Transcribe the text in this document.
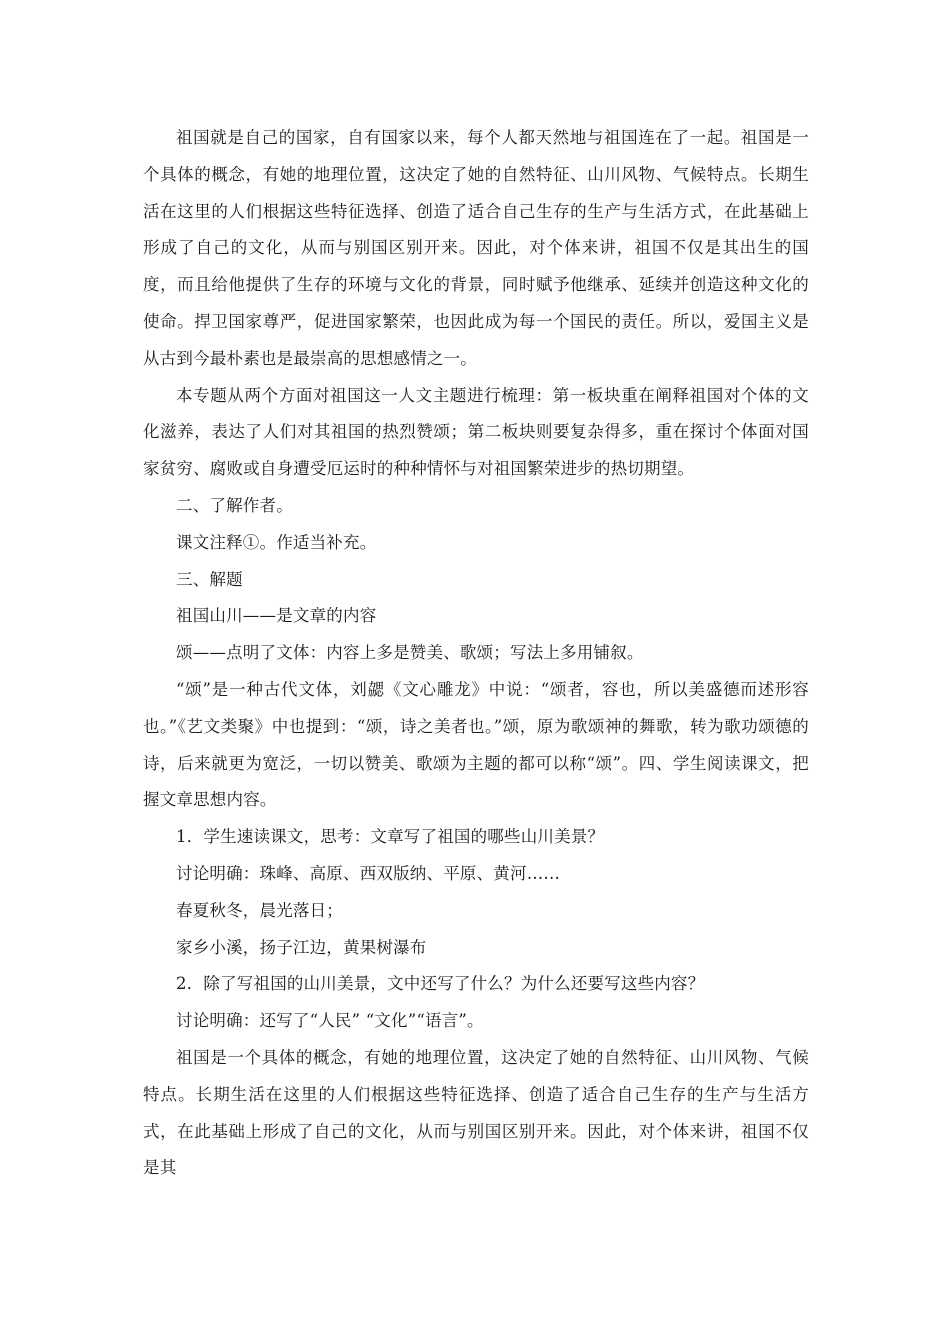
祖国就是自己的国家，自有国家以来，每个人都天然地与祖国连在了一起。祖国是一个具体的概念，有她的地理位置，这决定了她的自然特征、山川风物、气候特点。长期生活在这里的人们根据这些特征选择、创造了适合自己生存的生产与生活方式，在此基础上形成了自己的文化，从而与别国区别开来。因此，对个体来讲，祖国不仅是其出生的国度，而且给他提供了生存的环境与文化的背景，同时赋予他继承、延续并创造这种文化的使命。捍卫国家尊严，促进国家繁荣，也因此成为每一个国民的责任。所以，爱国主义是从古到今最朴素也是最崇高的思想感情之一。

本专题从两个方面对祖国这一人文主题进行梳理：第一板块重在阐释祖国对个体的文化滋养，表达了人们对其祖国的热烈赞颂；第二板块则要复杂得多，重在探讨个体面对国家贫穷、腐败或自身遭受厄运时的种种情怀与对祖国繁荣进步的热切期望。

二、了解作者。

课文注释①。作适当补充。

三、解题

祖国山川——是文章的内容

颂——点明了文体：内容上多是赞美、歌颂；写法上多用铺叙。

“颂”是一种古代文体，刘勰《文心雕龙》中说：“颂者，容也，所以美盛德而述形容也。”《艺文类聚》中也提到：“颂，诗之美者也。”颂，原为歌颂神的舞歌，转为歌功颂德的诗，后来就更为宽泛，一切以赞美、歌颂为主题的都可以称“颂”。四、学生阅读课文，把握文章思想内容。

1．学生速读课文，思考：文章写了祖国的哪些山川美景？

讨论明确：珠峰、高原、西双版纳、平原、黄河……

春夏秋冬，晨光落日；

家乡小溪，扬子江边，黄果树瀑布

2．除了写祖国的山川美景，文中还写了什么？为什么还要写这些内容？

讨论明确：还写了“人民” “文化”“语言”。

祖国是一个具体的概念，有她的地理位置，这决定了她的自然特征、山川风物、气候特点。长期生活在这里的人们根据这些特征选择、创造了适合自己生存的生产与生活方式，在此基础上形成了自己的文化，从而与别国区别开来。因此，对个体来讲，祖国不仅是其
